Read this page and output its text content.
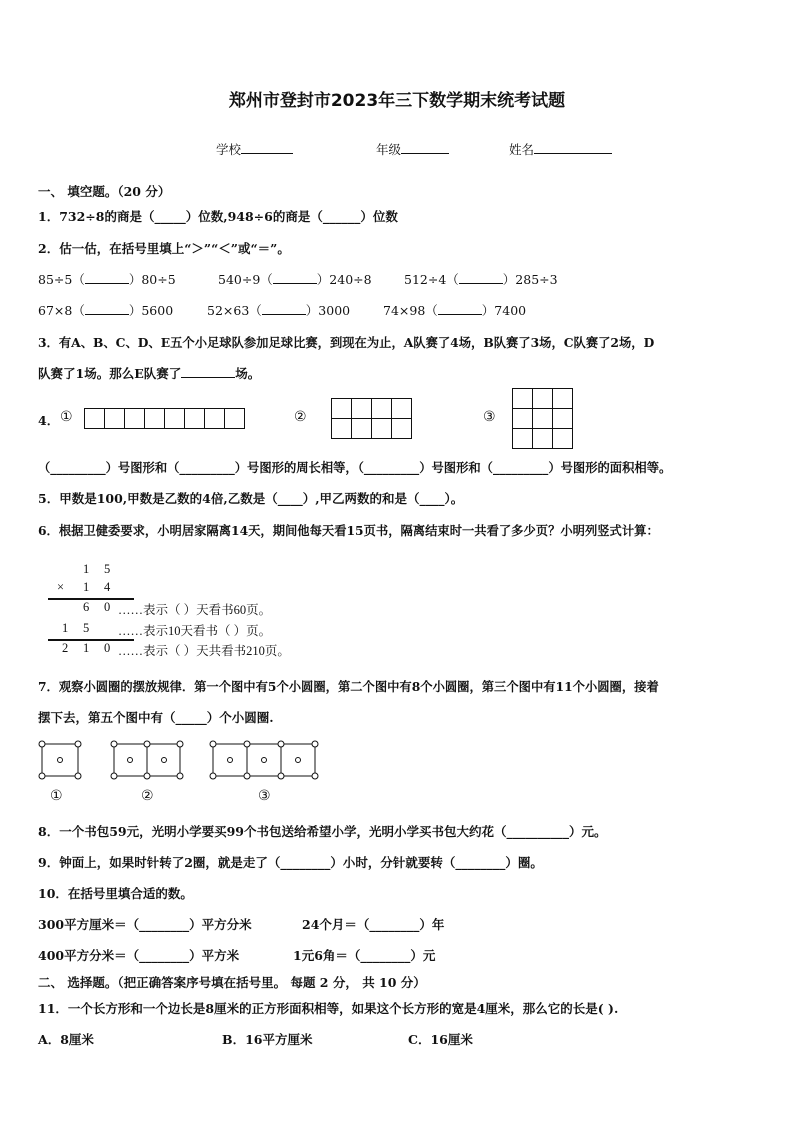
郑州市登封市2023年三下数学期末统考试题
学校	年级	姓名
一、 填空题。（20 分）
1．732÷8的商是（_____）位数,948÷6的商是（______）位数
2．估一估，在括号里填上“＞”“＜”或“＝”。
85÷5（	）80÷5	540÷9（	）240÷8	512÷4（	）285÷3
67×8（	）5600	52×63（	）3000	74×98（	）7400
3．有A、B、C、D、E五个小足球队参加足球比赛，到现在为止，A队赛了4场，B队赛了3场，C队赛了2场，D
队赛了1场。那么E队赛了	场。
4． ①	②	③

（_________）号图形和（_________）号图形的周长相等，（_________）号图形和（_________）号图形的面积相等。
5．甲数是100,甲数是乙数的4倍,乙数是（____）,甲乙两数的和是（____）。
6．根据卫健委要求，小明居家隔离14天，期间他每天看15页书，隔离结束时一共看了多少页？小明列竖式计算：
1 5
× 1 4
6 0 ……表示（ ）天看书60页。
1 5 ……表示10天看书（ ）页。
2 1 0 ……表示（ ）天共看书210页。
7．观察小圆圈的摆放规律．第一个图中有5个小圆圈，第二个图中有8个小圆圈，第三个图中有11个小圆圈，接着
摆下去，第五个图中有（_____）个小圆圈.
①	②	③
8．一个书包59元，光明小学要买99个书包送给希望小学，光明小学买书包大约花（__________）元。
9．钟面上，如果时针转了2圈，就是走了（________）小时，分针就要转（________）圈。
10．在括号里填合适的数。
300平方厘米＝（________）平方分米	24个月＝（________）年
400平方分米＝（________）平方米	1元6角＝（________）元
二、 选择题。（把正确答案序号填在括号里。 每题 2 分， 共 10 分）
11．一个长方形和一个边长是8厘米的正方形面积相等，如果这个长方形的宽是4厘米，那么它的长是( ).
A．8厘米	B．16平方厘米	C．16厘米
